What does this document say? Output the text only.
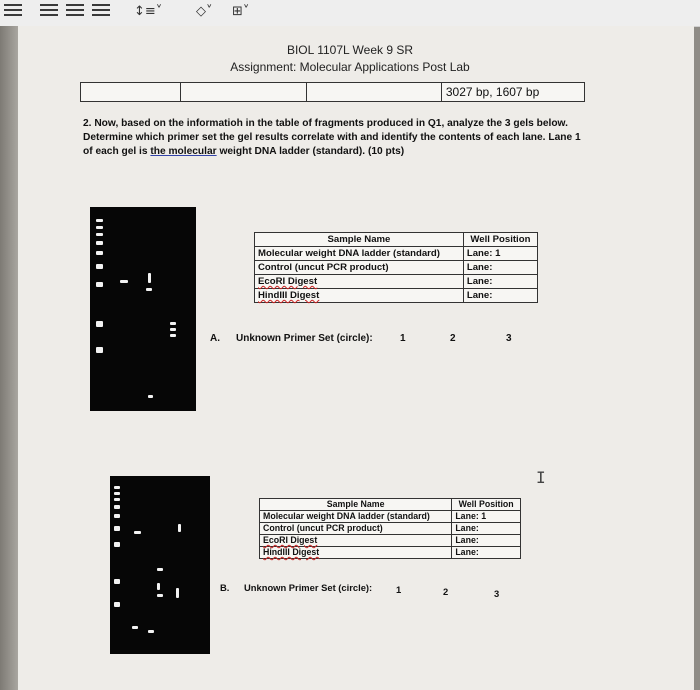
↕≡˅	◇˅ ⊞˅
BIOL 1107L Week 9 SR
Assignment: Molecular Applications Post Lab
3027 bp, 1607 bp
2. Now, based on the informatioh in the table of fragments produced in Q1, analyze the 3 gels below.
Determine which primer set the gel results correlate with and identify the contents of each lane. Lane 1
of each gel is the molecular weight DNA ladder (standard). (10 pts)
Sample Name	Well Position
Molecular weight DNA ladder (standard)	Lane: 1
Control (uncut PCR product)	Lane:
EcoRI Digest	Lane:
HindIII Digest	Lane:
A. Unknown Primer Set (circle):	1	2	3
I
Sample Name	Well Position
Molecular weight DNA ladder (standard)	Lane: 1
Control (uncut PCR product)	Lane:
EcoRI Digest	Lane:
HindIII Digest	Lane:
B. Unknown Primer Set (circle):	1	2	3
